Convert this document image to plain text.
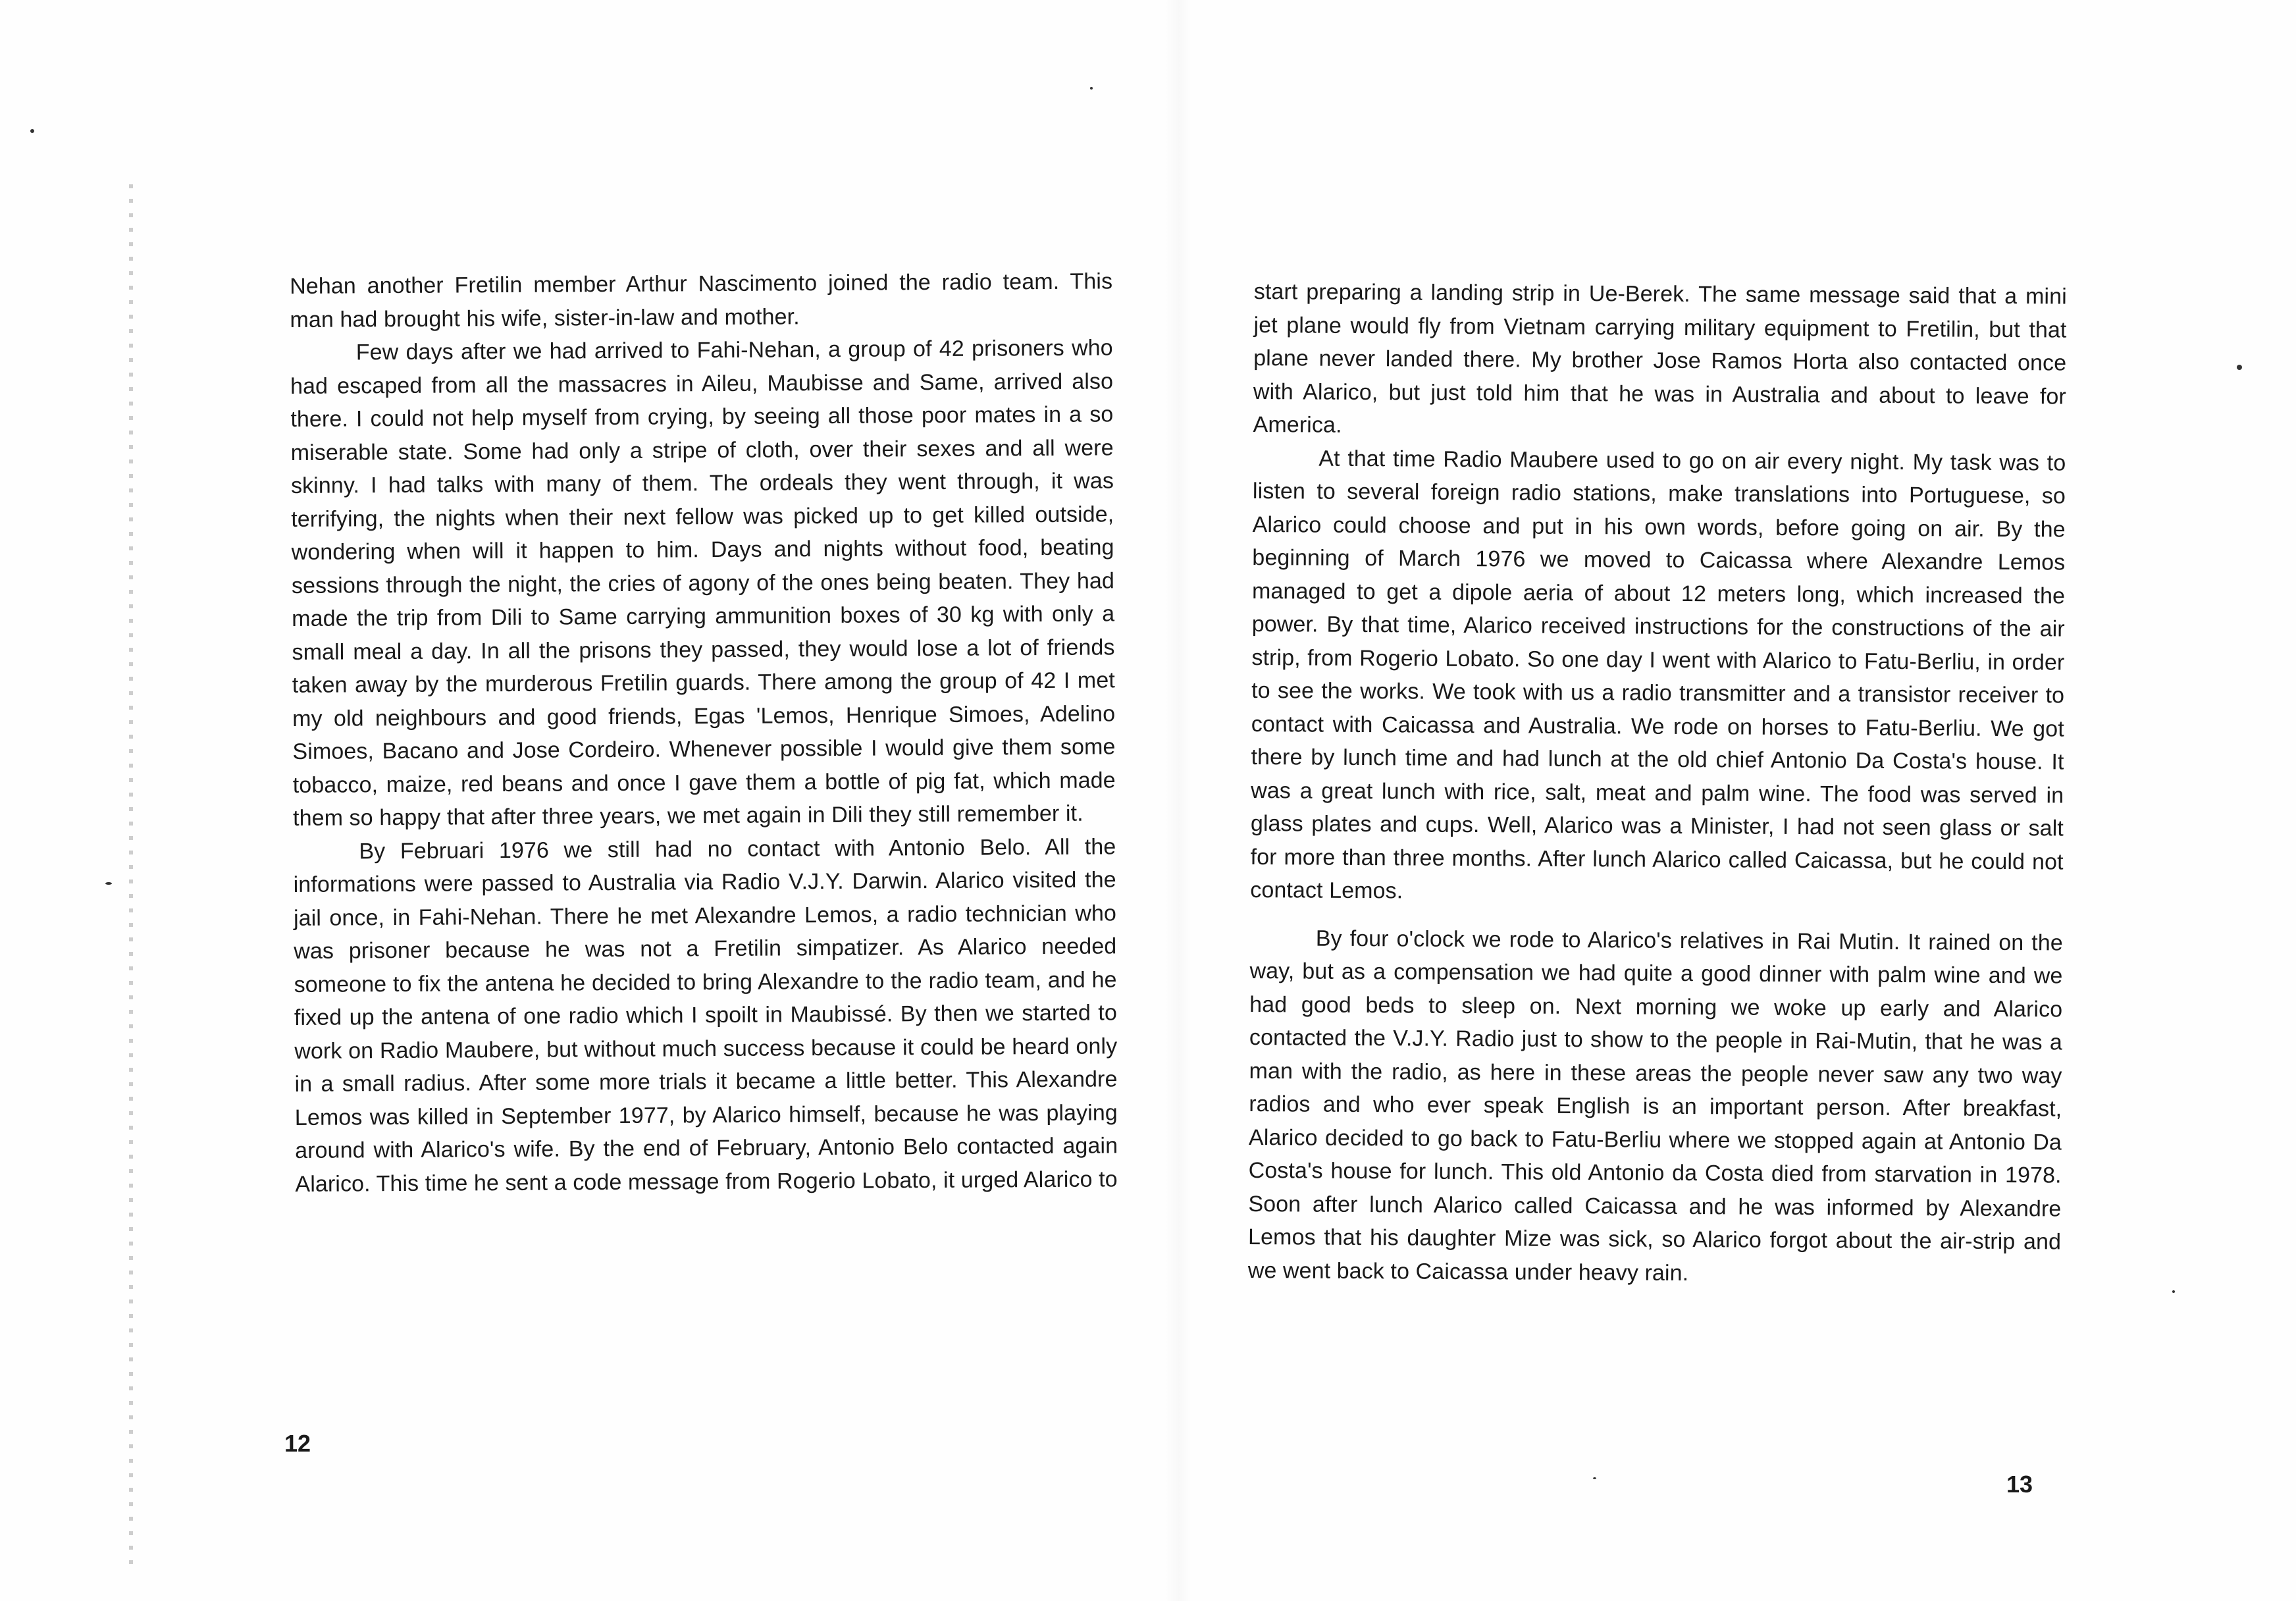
Nehan another Fretilin member Arthur Nascimento joined the radio team. This man had brought his wife, sister-in-law and mother.

Few days after we had arrived to Fahi-Nehan, a group of 42 prisoners who had escaped from all the massacres in Aileu, Maubisse and Same, arrived also there. I could not help myself from crying, by seeing all those poor mates in a so miserable state. Some had only a stripe of cloth, over their sexes and all were skinny. I had talks with many of them. The ordeals they went through, it was terrifying, the nights when their next fellow was picked up to get killed outside, wondering when will it happen to him. Days and nights without food, beating sessions through the night, the cries of agony of the ones being beaten. They had made the trip from Dili to Same carrying ammunition boxes of 30 kg with only a small meal a day. In all the prisons they passed, they would lose a lot of friends taken away by the murderous Fretilin guards. There among the group of 42 I met my old neighbours and good friends, Egas 'Lemos, Henrique Simoes, Adelino Simoes, Bacano and Jose Cordeiro. Whenever possible I would give them some tobacco, maize, red beans and once I gave them a bottle of pig fat, which made them so happy that after three years, we met again in Dili they still remember it.

By Februari 1976 we still had no contact with Antonio Belo. All the informations were passed to Australia via Radio V.J.Y. Darwin. Alarico visited the jail once, in Fahi-Nehan. There he met Alexandre Lemos, a radio technician who was prisoner because he was not a Fretilin simpatizer. As Alarico needed someone to fix the antena he decided to bring Alexandre to the radio team, and he fixed up the antena of one radio which I spoilt in Maubissé. By then we started to work on Radio Maubere, but without much success because it could be heard only in a small radius. After some more trials it became a little better. This Alexandre Lemos was killed in September 1977, by Alarico himself, because he was playing around with Alarico's wife. By the end of February, Antonio Belo contacted again Alarico. This time he sent a code message from Rogerio Lobato, it urged Alarico to

start preparing a landing strip in Ue-Berek. The same message said that a mini jet plane would fly from Vietnam carrying military equipment to Fretilin, but that plane never landed there. My brother Jose Ramos Horta also contacted once with Alarico, but just told him that he was in Australia and about to leave for America.

At that time Radio Maubere used to go on air every night. My task was to listen to several foreign radio stations, make translations into Portuguese, so Alarico could choose and put in his own words, before going on air. By the beginning of March 1976 we moved to Caicassa where Alexandre Lemos managed to get a dipole aeria of about 12 meters long, which increased the power. By that time, Alarico received instructions for the constructions of the air strip, from Rogerio Lobato. So one day I went with Alarico to Fatu-Berliu, in order to see the works. We took with us a radio transmitter and a transistor receiver to contact with Caicassa and Australia. We rode on horses to Fatu-Berliu. We got there by lunch time and had lunch at the old chief Antonio Da Costa's house. It was a great lunch with rice, salt, meat and palm wine. The food was served in glass plates and cups. Well, Alarico was a Minister, I had not seen glass or salt for more than three months. After lunch Alarico called Caicassa, but he could not contact Lemos.

By four o'clock we rode to Alarico's relatives in Rai Mutin. It rained on the way, but as a compensation we had quite a good dinner with palm wine and we had good beds to sleep on. Next morning we woke up early and Alarico contacted the V.J.Y. Radio just to show to the people in Rai-Mutin, that he was a man with the radio, as here in these areas the people never saw any two way radios and who ever speak English is an important person. After breakfast, Alarico decided to go back to Fatu-Berliu where we stopped again at Antonio Da Costa's house for lunch. This old Antonio da Costa died from starvation in 1978. Soon after lunch Alarico called Caicassa and he was informed by Alexandre Lemos that his daughter Mize was sick, so Alarico forgot about the air-strip and we went back to Caicassa under heavy rain.

12
13
